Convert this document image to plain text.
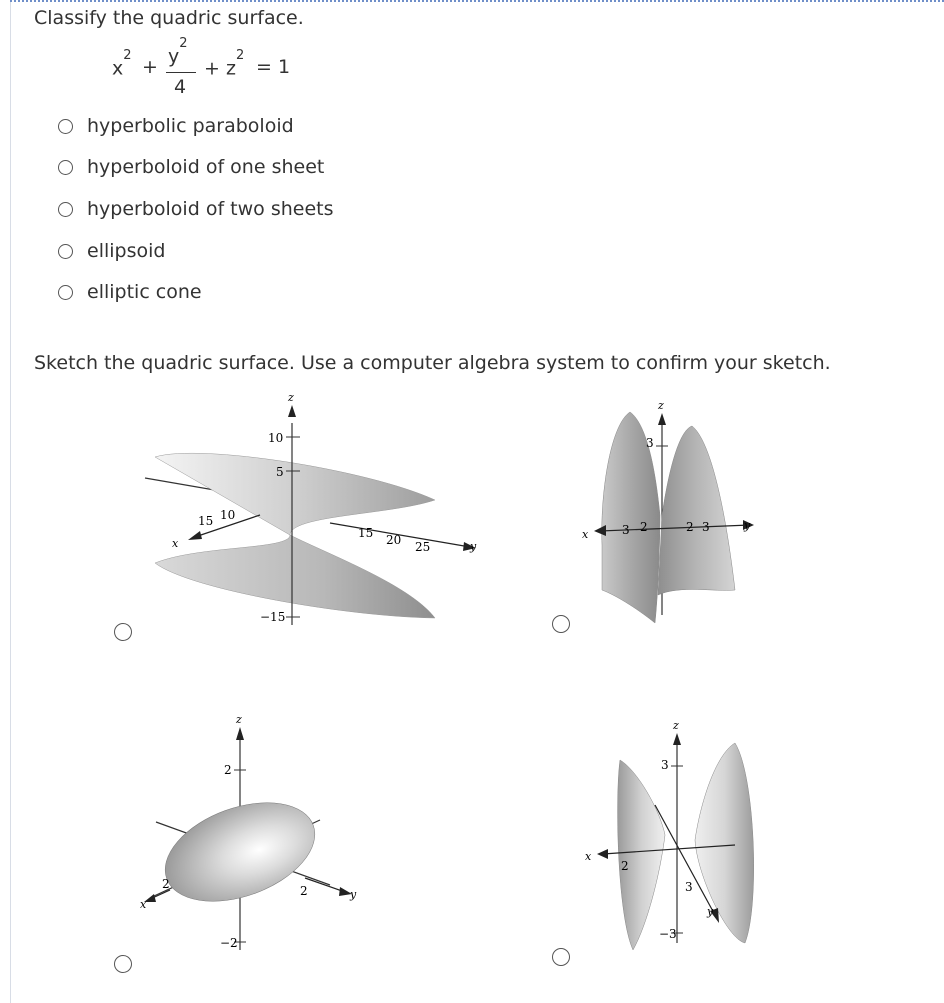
Classify the quadric surface.
$x^2$
+ $y^2$
4
+ $z^2$
= 1
hyperbolic paraboloid
hyperboloid of one sheet
hyperboloid of two sheets
ellipsoid
elliptic cone
Sketch the quadric surface. Use a computer algebra system to confirm your sketch.
z
10
5
−15
15 10
x
15 20 25	y
z
3
3 2
x
2 3	y
z
2
−2
2
x
2	y
z
3
−3
2
x
3
y
